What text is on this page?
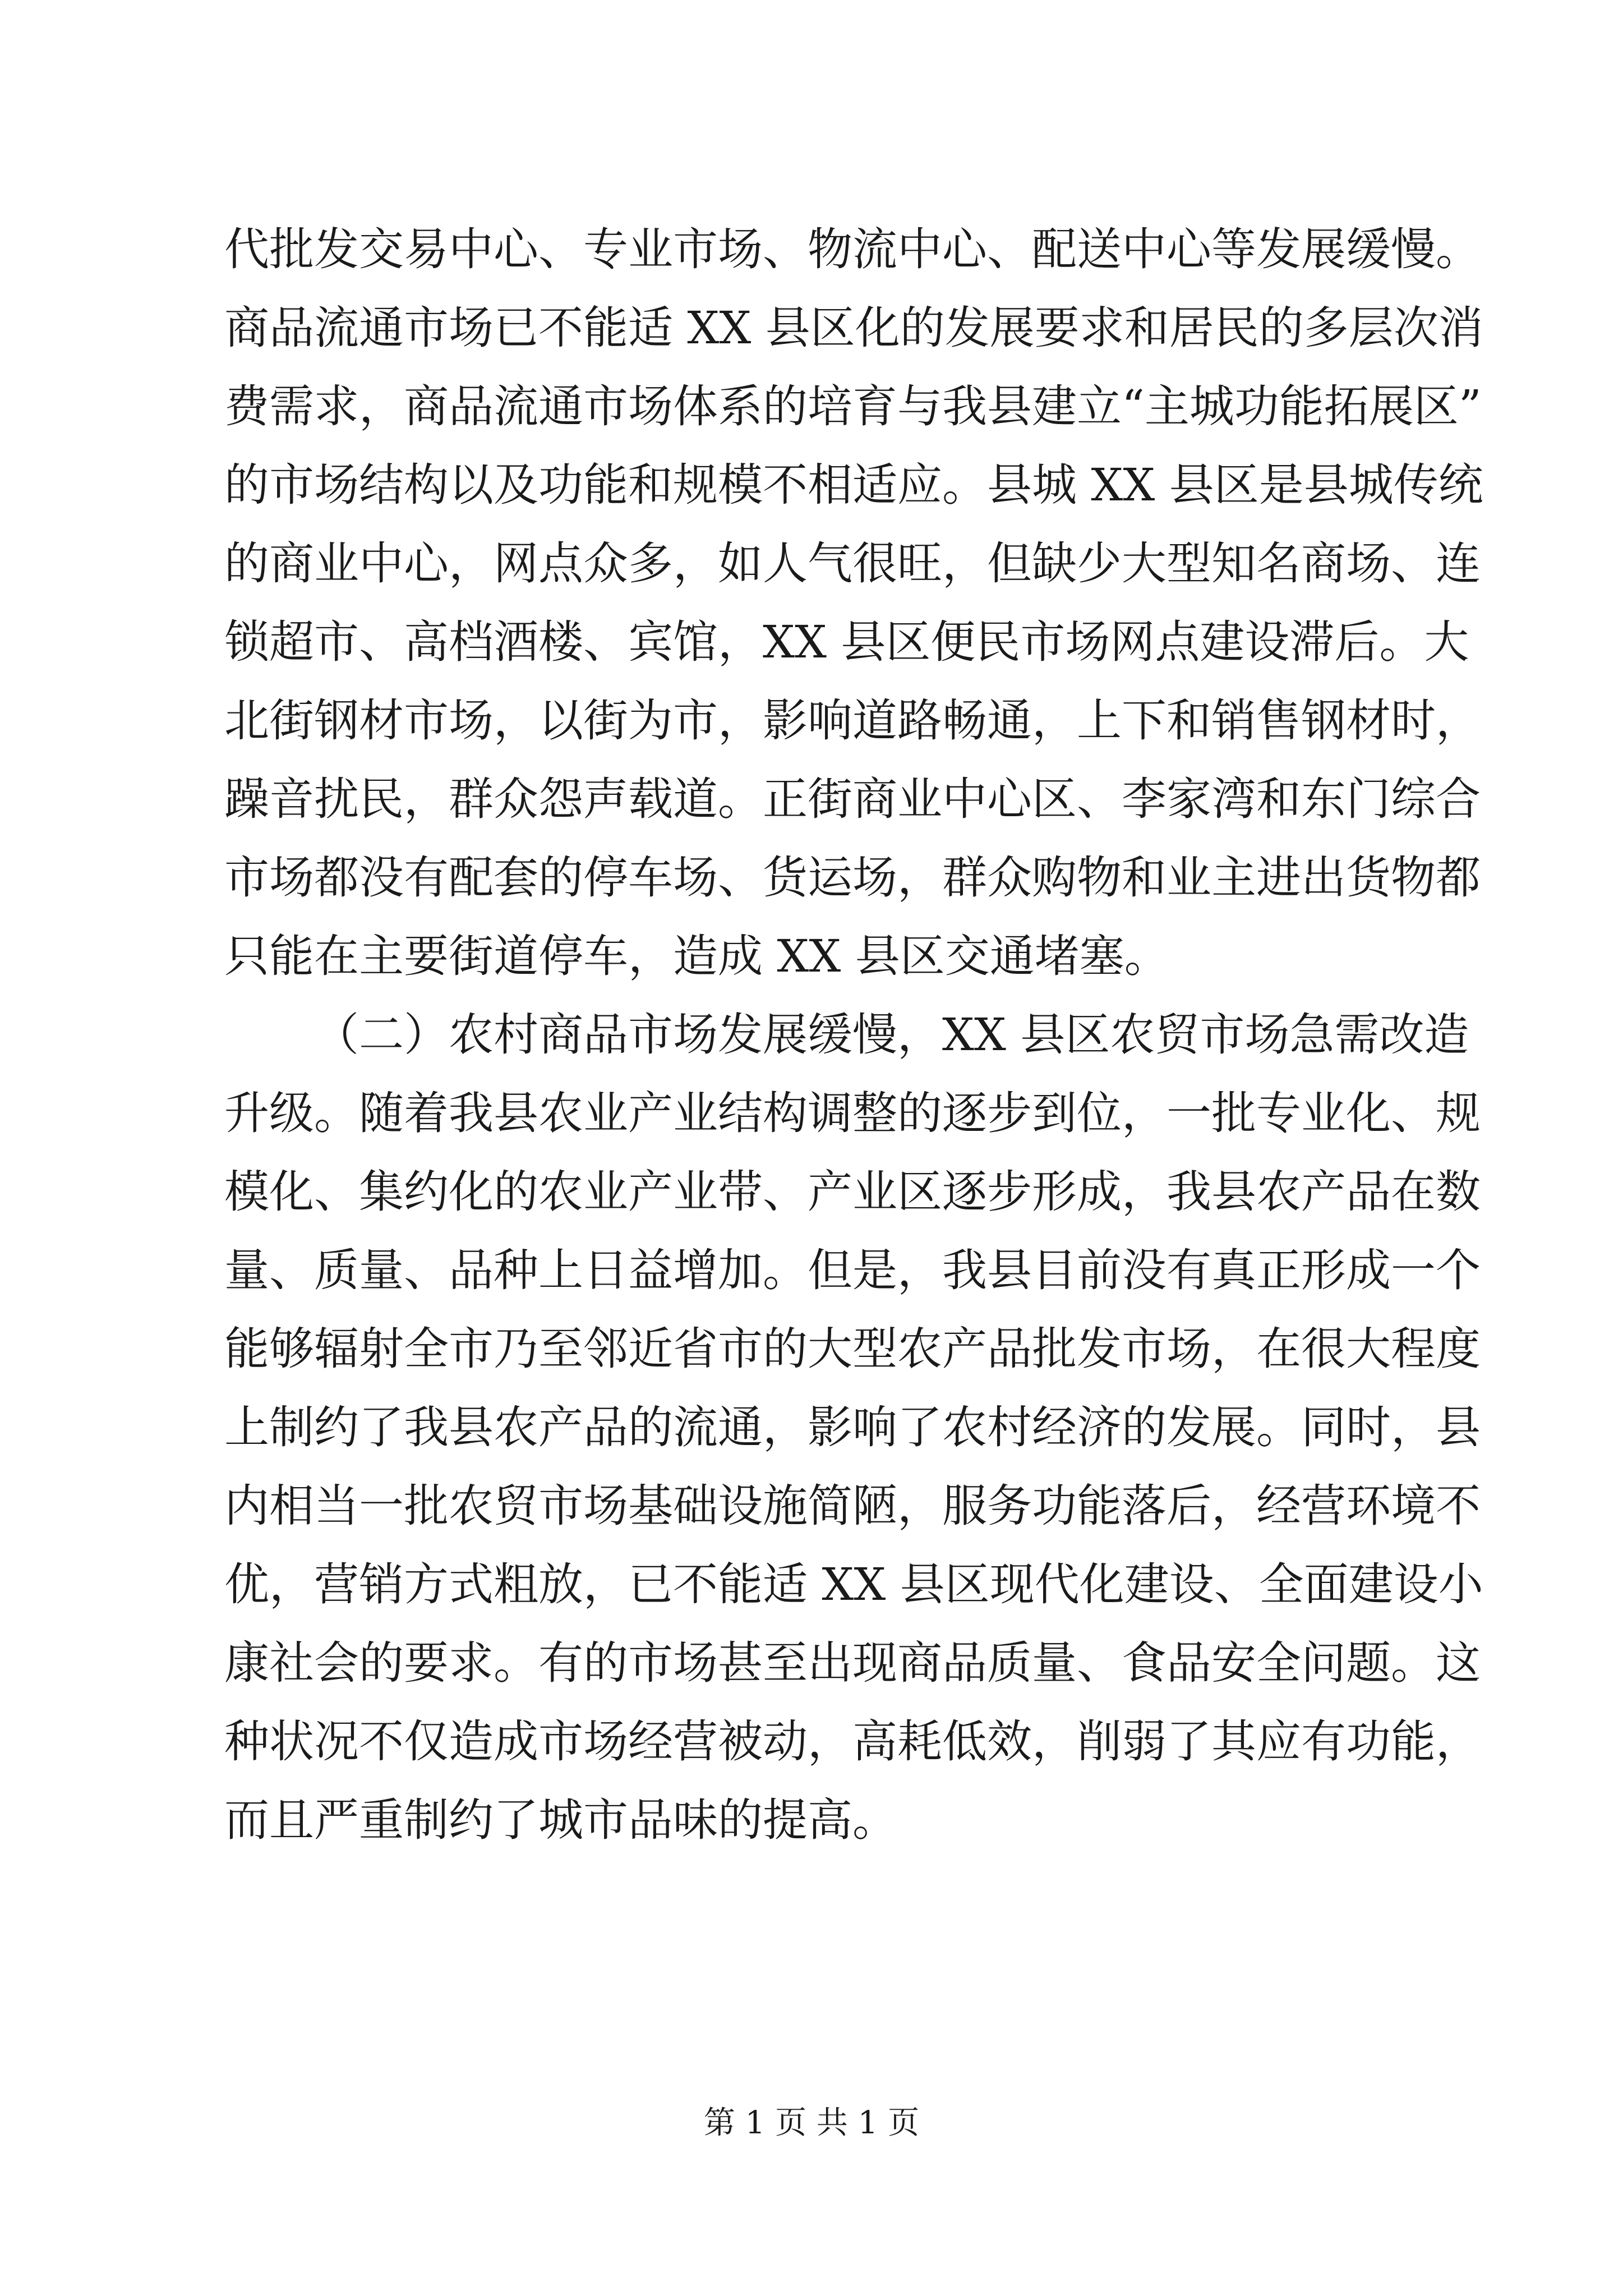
代批发交易中心、专业市场、物流中心、配送中心等发展缓慢。
商品流通市场已不能适 XX 县区化的发展要求和居民的多层次消
费需求，商品流通市场体系的培育与我县建立“主城功能拓展区”
的市场结构以及功能和规模不相适应。县城 XX 县区是县城传统
的商业中心，网点众多，如人气很旺，但缺少大型知名商场、连
锁超市、高档酒楼、宾馆，XX 县区便民市场网点建设滞后。大
北街钢材市场，以街为市，影响道路畅通，上下和销售钢材时，
躁音扰民，群众怨声载道。正街商业中心区、李家湾和东门综合
市场都没有配套的停车场、货运场，群众购物和业主进出货物都
只能在主要街道停车，造成 XX 县区交通堵塞。
（二）农村商品市场发展缓慢，XX 县区农贸市场急需改造
升级。随着我县农业产业结构调整的逐步到位，一批专业化、规
模化、集约化的农业产业带、产业区逐步形成，我县农产品在数
量、质量、品种上日益增加。但是，我县目前没有真正形成一个
能够辐射全市乃至邻近省市的大型农产品批发市场，在很大程度
上制约了我县农产品的流通，影响了农村经济的发展。同时，县
内相当一批农贸市场基础设施简陋，服务功能落后，经营环境不
优，营销方式粗放，已不能适 XX 县区现代化建设、全面建设小
康社会的要求。有的市场甚至出现商品质量、食品安全问题。这
种状况不仅造成市场经营被动，高耗低效，削弱了其应有功能，
而且严重制约了城市品味的提高。
第 1 页 共 1 页
